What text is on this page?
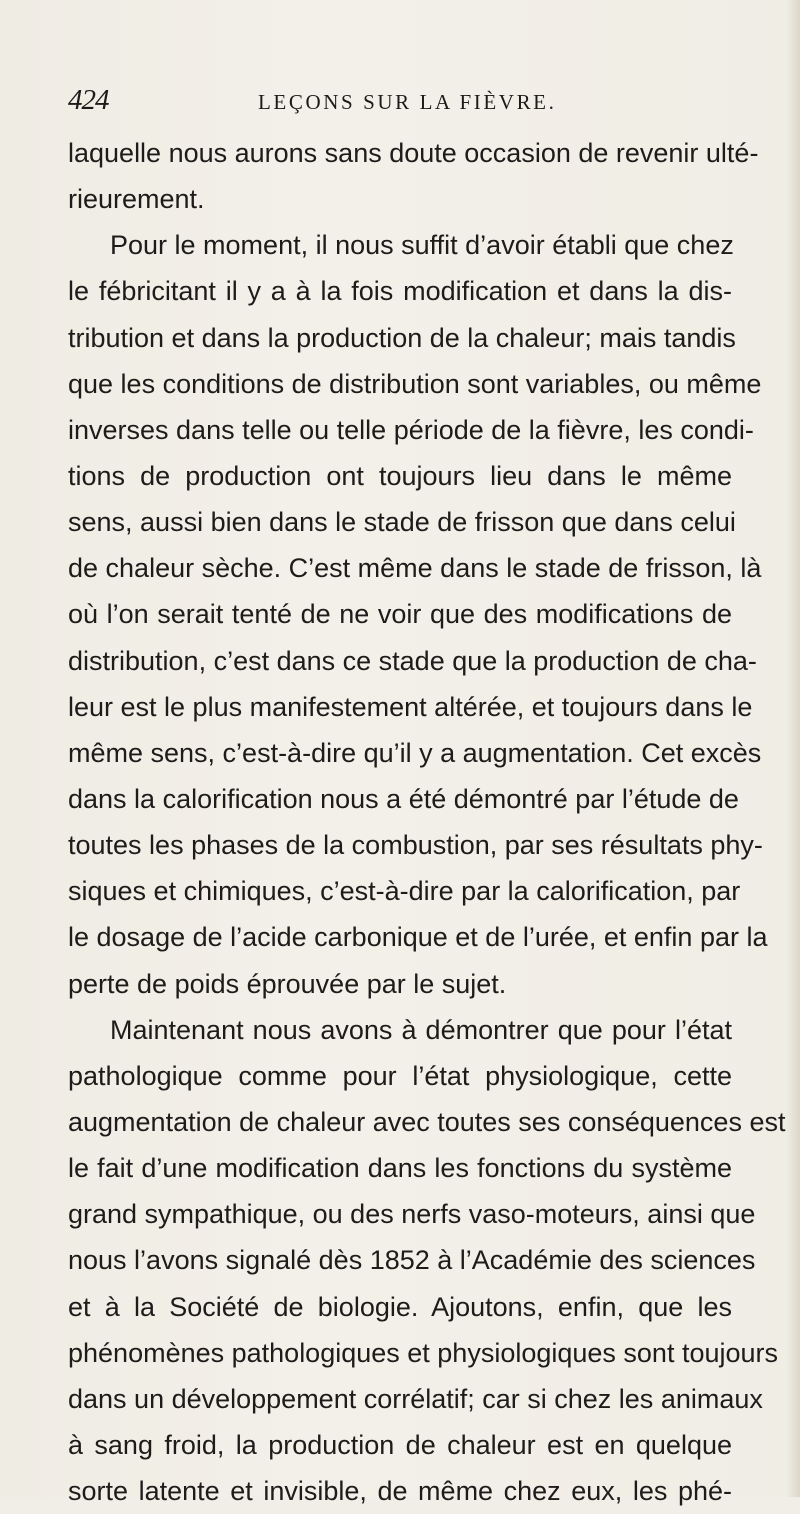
424	LEÇONS SUR LA FIÈVRE.
laquelle nous aurons sans doute occasion de revenir ulté-
rieurement.
Pour le moment, il nous suffit d’avoir établi que chez
le fébricitant il y a à la fois modification et dans la dis-
tribution et dans la production de la chaleur; mais tandis
que les conditions de distribution sont variables, ou même
inverses dans telle ou telle période de la fièvre, les condi-
tions de production ont toujours lieu dans le même
sens, aussi bien dans le stade de frisson que dans celui
de chaleur sèche. C’est même dans le stade de frisson, là
où l’on serait tenté de ne voir que des modifications de
distribution, c’est dans ce stade que la production de cha-
leur est le plus manifestement altérée, et toujours dans le
même sens, c’est-à-dire qu’il y a augmentation. Cet excès
dans la calorification nous a été démontré par l’étude de
toutes les phases de la combustion, par ses résultats phy-
siques et chimiques, c’est-à-dire par la calorification, par
le dosage de l’acide carbonique et de l’urée, et enfin par la
perte de poids éprouvée par le sujet.
Maintenant nous avons à démontrer que pour l’état
pathologique comme pour l’état physiologique, cette
augmentation de chaleur avec toutes ses conséquences est
le fait d’une modification dans les fonctions du système
grand sympathique, ou des nerfs vaso-moteurs, ainsi que
nous l’avons signalé dès 1852 à l’Académie des sciences
et à la Société de biologie. Ajoutons, enfin, que les
phénomènes pathologiques et physiologiques sont toujours
dans un développement corrélatif; car si chez les animaux
à sang froid, la production de chaleur est en quelque
sorte latente et invisible, de même chez eux, les phé-
